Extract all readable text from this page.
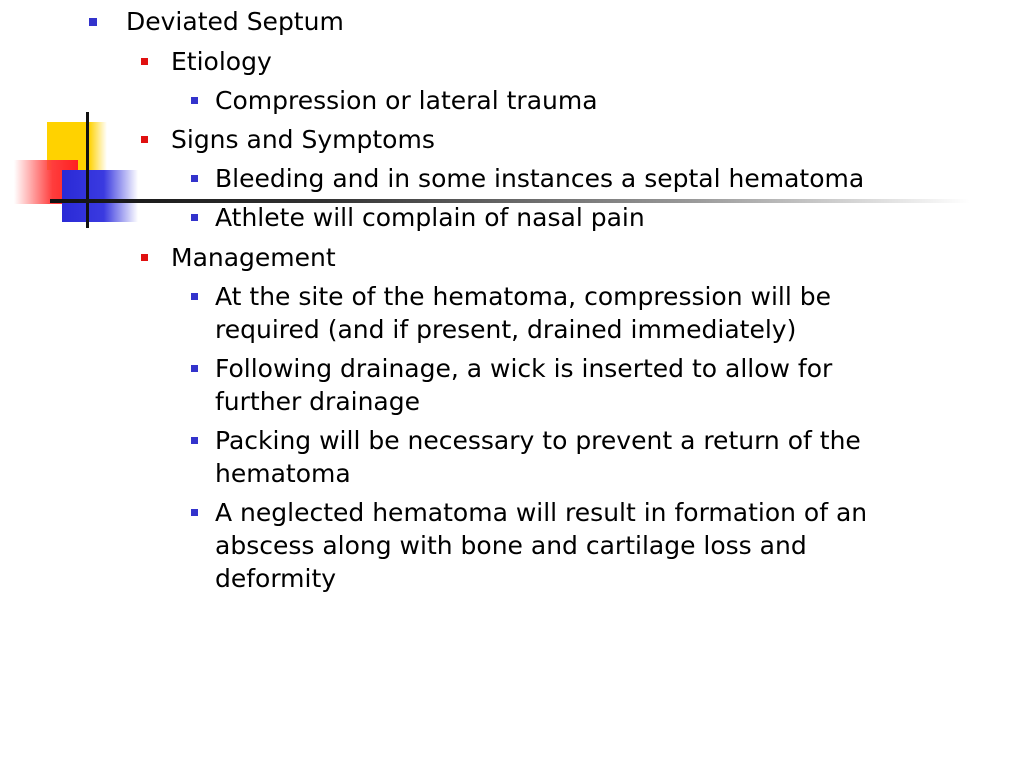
Deviated Septum
Etiology
Compression or lateral trauma
Signs and Symptoms
Bleeding and in some instances a septal hematoma
Athlete will complain of nasal pain
Management
At the site of the hematoma, compression will be
required (and if present, drained immediately)
Following drainage, a wick is inserted to allow for
further drainage
Packing will be necessary to prevent a return of the
hematoma
A neglected hematoma will result in formation of an
abscess along with bone and cartilage loss and
deformity
